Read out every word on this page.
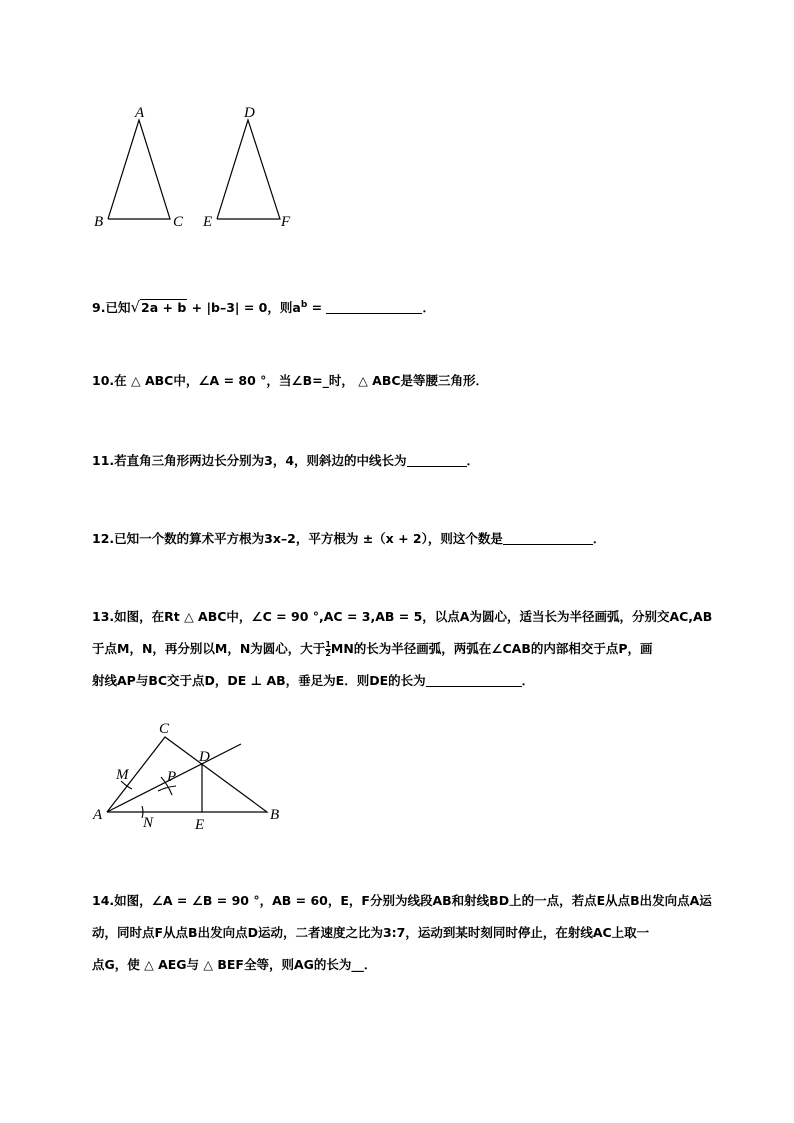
A
B	C
D
E	F
9.已知√2a + b + |b–3| = 0，则$a^b$ =	．
10.在 △ ABC中，∠A = 80 °，当∠B=_时， △ ABC是等腰三角形．
11.若直角三角形两边长分别为3，4，则斜边的中线长为	．
12.已知一个数的算术平方根为3x–2，平方根为 ±（x + 2），则这个数是	．
13.如图，在Rt △ ABC中，∠C = 90 °,AC = 3,AB = 5，以点A为圆心，适当长为半径画弧，分别交AC,AB
于点M，N，再分别以M，N为圆心，大于 $\frac{1}{2}$ MN的长为半径画弧，两弧在∠CAB的内部相交于点P，画
射线AP与BC交于点D，DE ⊥ AB，垂足为E．则DE的长为	．
C
D
M	P
A	N	E
B
14.如图，∠A = ∠B = 90 °，AB = 60，E，F分别为线段AB和射线BD上的一点，若点E从点B出发向点A运
动，同时点F从点B出发向点D运动，二者速度之比为3:7，运动到某时刻同时停止，在射线AC上取一
点G，使 △ AEG与 △ BEF全等，则AG的长为__．
